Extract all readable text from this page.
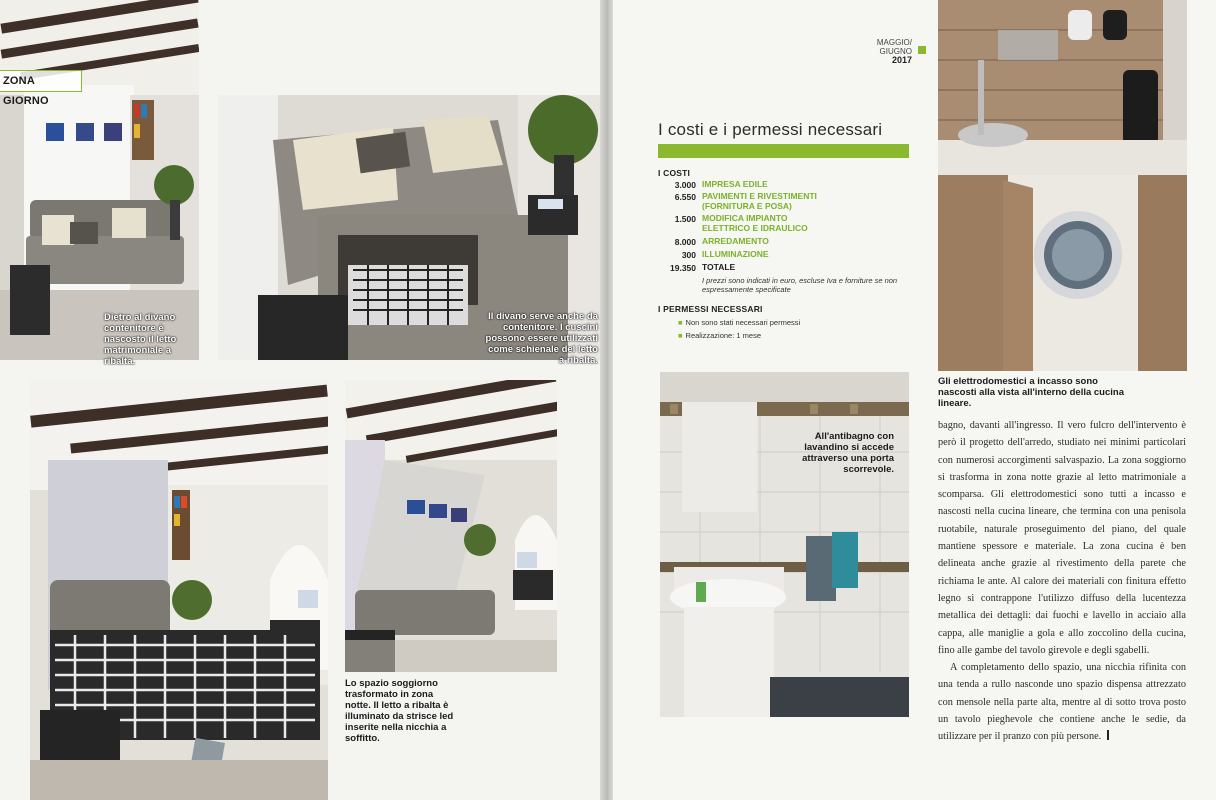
ZONA GIORNO
Dietro al divano contenitore è nascosto il letto matrimoniale a ribalta.
Il divano serve anche da contenitore. I cuscini possono essere utilizzati come schienale del letto a ribalta.
Lo spazio soggiorno trasformato in zona notte. Il letto a ribalta è illuminato da strisce led inserite nella nicchia a soffitto.
MAGGIO/ GIUGNO
2017
Gli elettrodomestici a incasso sono nascosti alla vista all'interno della cucina lineare.
I costi e i permessi necessari
I COSTI
3.000 IMPRESA EDILE
6.550 PAVIMENTI E RIVESTIMENTI (FORNITURA E POSA)
1.500 MODIFICA IMPIANTO ELETTRICO E IDRAULICO
8.000 ARREDAMENTO
300 ILLUMINAZIONE
19.350 TOTALE
I prezzi sono indicati in euro, escluse Iva e forniture se non espressamente specificate
I PERMESSI NECESSARI
■ Non sono stati necessari permessi
■ Realizzazione: 1 mese
All'antibagno con lavandino si accede attraverso una porta scorrevole.

bagno, davanti all'ingresso. Il vero fulcro dell'intervento è però il progetto dell'arredo, studiato nei minimi particolari con numerosi accorgimenti salvaspazio. La zona soggiorno si trasforma in zona notte grazie al letto matrimoniale a scomparsa. Gli elettrodomestici sono tutti a incasso e nascosti nella cucina lineare, che termina con una penisola ruotabile, naturale proseguimento del piano, del quale mantiene spessore e materiale. La zona cucina è ben delineata anche grazie al rivestimento della parete che richiama le ante. Al calore dei materiali con finitura effetto legno si contrappone l'utilizzo diffuso della lucentezza metallica dei dettagli: dai fuochi e lavello in acciaio alla cappa, alle maniglie a gola e allo zoccolino della cucina, fino alle gambe del tavolo girevole e degli sgabelli.

A completamento dello spazio, una nicchia rifinita con una tenda a rullo nasconde uno spazio dispensa attrezzato con mensole nella parte alta, mentre al di sotto trova posto un tavolo pieghevole che contiene anche le sedie, da utilizzare per il pranzo con più persone.
